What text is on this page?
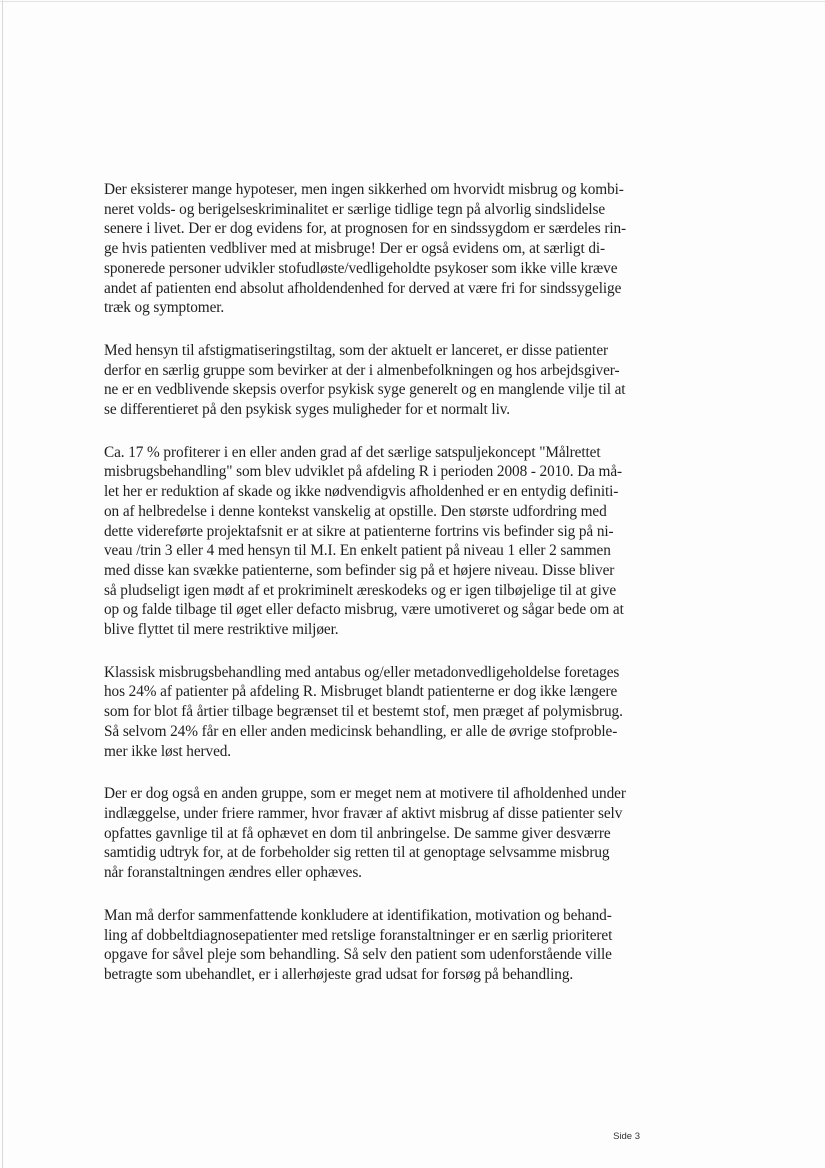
Der eksisterer mange hypoteser, men ingen sikkerhed om hvorvidt misbrug og kombi-
neret volds- og berigelseskriminalitet er særlige tidlige tegn på alvorlig sindslidelse
senere i livet. Der er dog evidens for, at prognosen for en sindssygdom er særdeles rin-
ge hvis patienten vedbliver med at misbruge! Der er også evidens om, at særligt di-
sponerede personer udvikler stofudløste/vedligeholdte psykoser som ikke ville kræve
andet af patienten end absolut afholdendenhed for derved at være fri for sindssygelige
træk og symptomer.

Med hensyn til afstigmatiseringstiltag, som der aktuelt er lanceret, er disse patienter
derfor en særlig gruppe som bevirker at der i almenbefolkningen og hos arbejdsgiver-
ne er en vedblivende skepsis overfor psykisk syge generelt og en manglende vilje til at
se differentieret på den psykisk syges muligheder for et normalt liv.

Ca. 17 % profiterer i en eller anden grad af det særlige satspuljekoncept "Målrettet
misbrugsbehandling" som blev udviklet på afdeling R i perioden 2008 - 2010. Da må-
let her er reduktion af skade og ikke nødvendigvis afholdenhed er en entydig definiti-
on af helbredelse i denne kontekst vanskelig at opstille. Den største udfordring med
dette videreførte projektafsnit er at sikre at patienterne fortrins vis befinder sig på ni-
veau /trin 3 eller 4 med hensyn til M.I. En enkelt patient på niveau 1 eller 2 sammen
med disse kan svække patienterne, som befinder sig på et højere niveau. Disse bliver
så pludseligt igen mødt af et prokriminelt æreskodeks og er igen tilbøjelige til at give
op og falde tilbage til øget eller defacto misbrug, være umotiveret og sågar bede om at
blive flyttet til mere restriktive miljøer.

Klassisk misbrugsbehandling med antabus og/eller metadonvedligeholdelse foretages
hos 24% af patienter på afdeling R. Misbruget blandt patienterne er dog ikke længere
som for blot få årtier tilbage begrænset til et bestemt stof, men præget af polymisbrug.
Så selvom 24% får en eller anden medicinsk behandling, er alle de øvrige stofproble-
mer ikke løst herved.

Der er dog også en anden gruppe, som er meget nem at motivere til afholdenhed under
indlæggelse, under friere rammer, hvor fravær af aktivt misbrug af disse patienter selv
opfattes gavnlige til at få ophævet en dom til anbringelse. De samme giver desværre
samtidig udtryk for, at de forbeholder sig retten til at genoptage selvsamme misbrug
når foranstaltningen ændres eller ophæves.

Man må derfor sammenfattende konkludere at identifikation, motivation og behand-
ling af dobbeltdiagnosepatienter med retslige foranstaltninger er en særlig prioriteret
opgave for såvel pleje som behandling. Så selv den patient som udenforstående ville
betragte som ubehandlet, er i allerhøjeste grad udsat for forsøg på behandling.

Side 3
